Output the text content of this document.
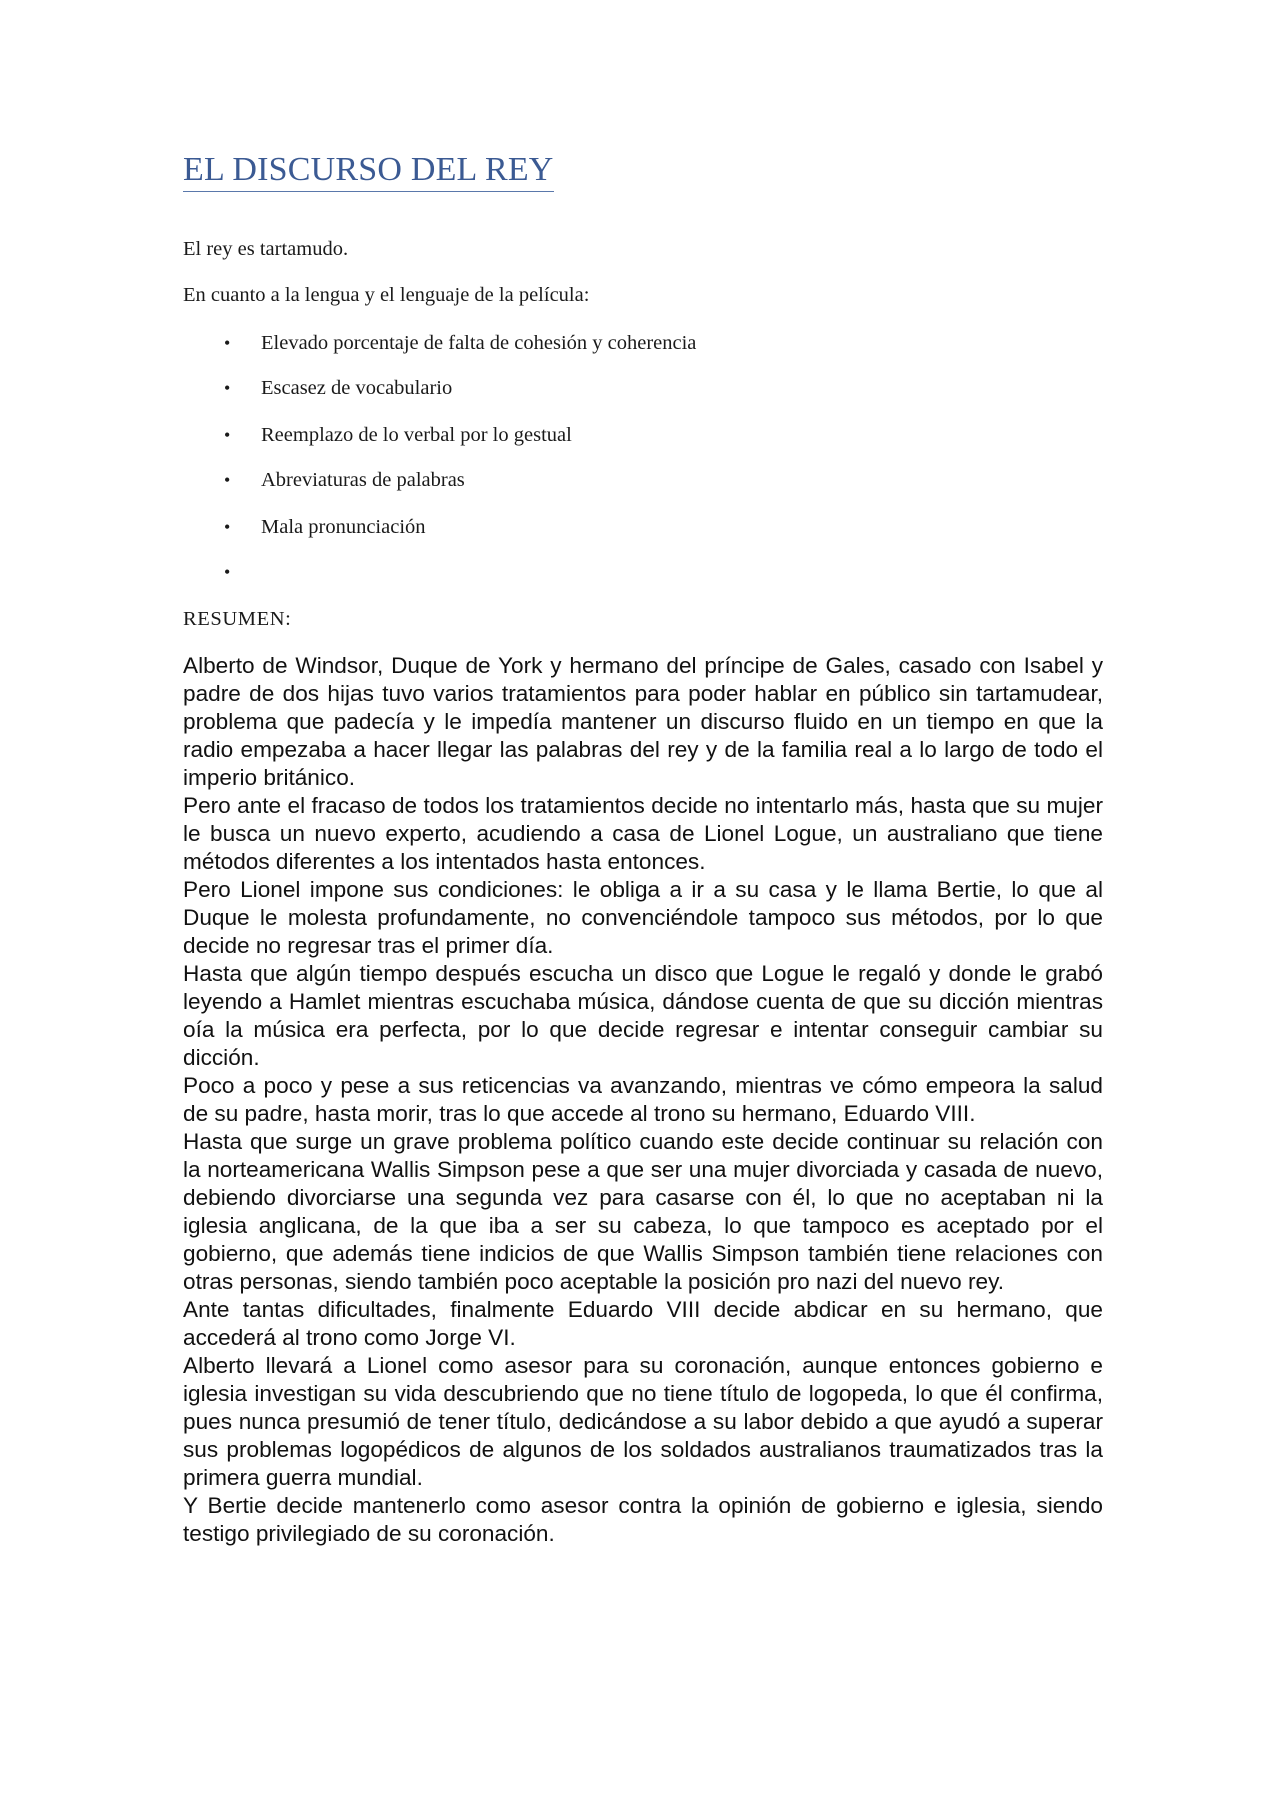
EL DISCURSO DEL REY

El rey es tartamudo.

En cuanto a la lengua y el lenguaje de la película:

• Elevado porcentaje de falta de cohesión y coherencia
• Escasez de vocabulario
• Reemplazo de lo verbal por lo gestual
• Abreviaturas de palabras
• Mala pronunciación
•

RESUMEN:

Alberto de Windsor, Duque de York y hermano del príncipe de Gales, casado con Isabel y padre de dos hijas tuvo varios tratamientos para poder hablar en público sin tartamudear, problema que padecía y le impedía mantener un discurso fluido en un tiempo en que la radio empezaba a hacer llegar las palabras del rey y de la familia real a lo largo de todo el imperio británico.

Pero ante el fracaso de todos los tratamientos decide no intentarlo más, hasta que su mujer le busca un nuevo experto, acudiendo a casa de Lionel Logue, un australiano que tiene métodos diferentes a los intentados hasta entonces.

Pero Lionel impone sus condiciones: le obliga a ir a su casa y le llama Bertie, lo que al Duque le molesta profundamente, no convenciéndole tampoco sus métodos, por lo que decide no regresar tras el primer día.

Hasta que algún tiempo después escucha un disco que Logue le regaló y donde le grabó leyendo a Hamlet mientras escuchaba música, dándose cuenta de que su dicción mientras oía la música era perfecta, por lo que decide regresar e intentar conseguir cambiar su dicción.

Poco a poco y pese a sus reticencias va avanzando, mientras ve cómo empeora la salud de su padre, hasta morir, tras lo que accede al trono su hermano, Eduardo VIII.

Hasta que surge un grave problema político cuando este decide continuar su relación con la norteamericana Wallis Simpson pese a que ser una mujer divorciada y casada de nuevo, debiendo divorciarse una segunda vez para casarse con él, lo que no aceptaban ni la iglesia anglicana, de la que iba a ser su cabeza, lo que tampoco es aceptado por el gobierno, que además tiene indicios de que Wallis Simpson también tiene relaciones con otras personas, siendo también poco aceptable la posición pro nazi del nuevo rey.

Ante tantas dificultades, finalmente Eduardo VIII decide abdicar en su hermano, que accederá al trono como Jorge VI.

Alberto llevará a Lionel como asesor para su coronación, aunque entonces gobierno e iglesia investigan su vida descubriendo que no tiene título de logopeda, lo que él confirma, pues nunca presumió de tener título, dedicándose a su labor debido a que ayudó a superar sus problemas logopédicos de algunos de los soldados australianos traumatizados tras la primera guerra mundial.

Y Bertie decide mantenerlo como asesor contra la opinión de gobierno e iglesia, siendo testigo privilegiado de su coronación.
